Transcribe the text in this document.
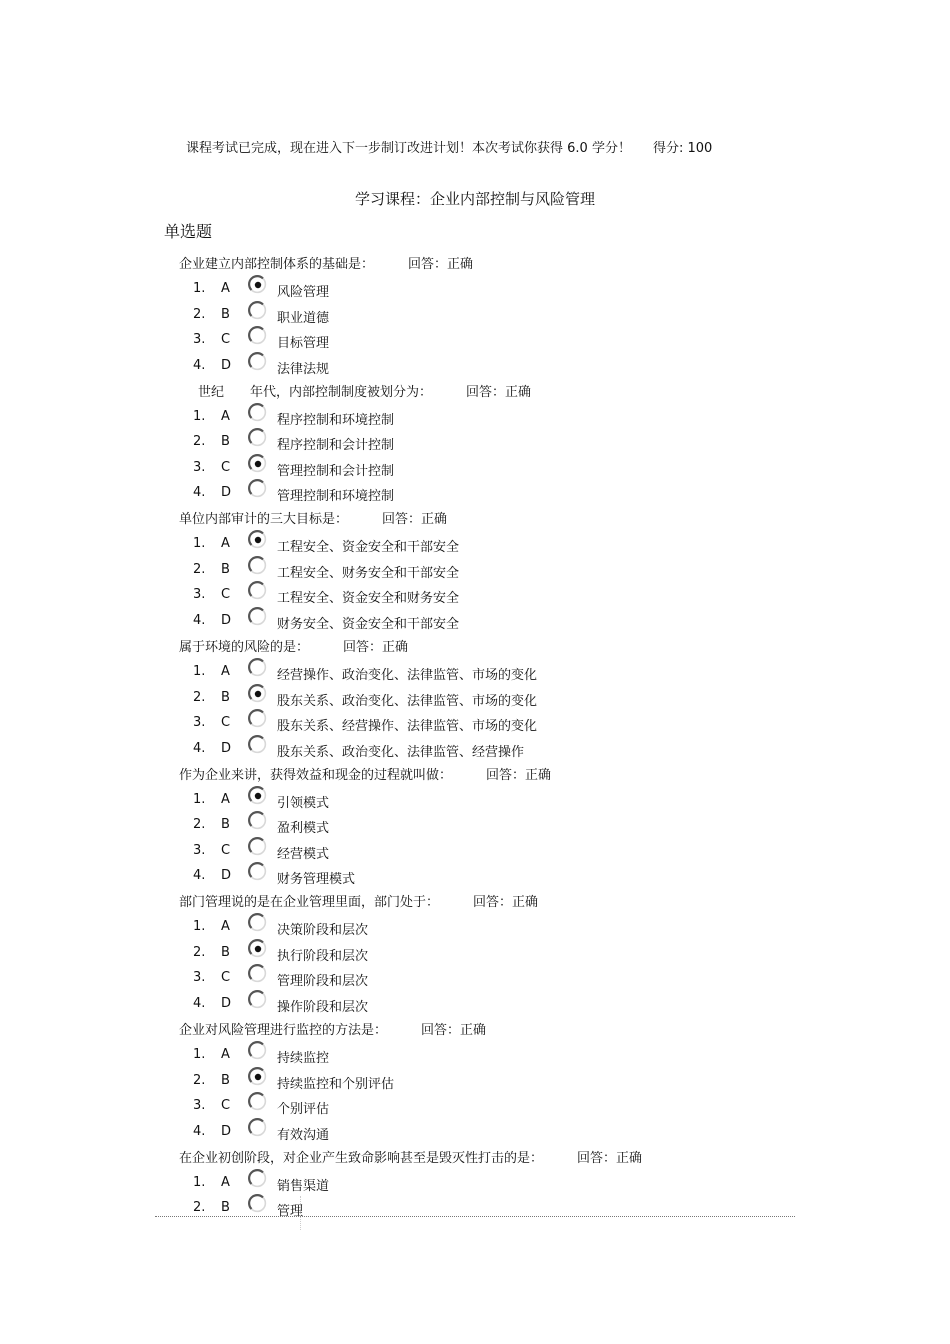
课程考试已完成，现在进入下一步制订改进计划！本次考试你获得 6.0 学分！ 得分: 100
学习课程：企业内部控制与风险管理
单选题
企业建立内部控制体系的基础是：	回答：正确
1.	A	风险管理
2.	B	职业道德
3.	C	目标管理
4.	D	法律法规
世纪　　年代，内部控制制度被划分为：	回答：正确
1.	A	程序控制和环境控制
2.	B	程序控制和会计控制
3.	C	管理控制和会计控制
4.	D	管理控制和环境控制
单位内部审计的三大目标是：	回答：正确
1.	A	工程安全、资金安全和干部安全
2.	B	工程安全、财务安全和干部安全
3.	C	工程安全、资金安全和财务安全
4.	D	财务安全、资金安全和干部安全
属于环境的风险的是：	回答：正确
1.	A	经营操作、政治变化、法律监管、市场的变化
2.	B	股东关系、政治变化、法律监管、市场的变化
3.	C	股东关系、经营操作、法律监管、市场的变化
4.	D	股东关系、政治变化、法律监管、经营操作
作为企业来讲，获得效益和现金的过程就叫做：	回答：正确
1.	A	引领模式
2.	B	盈利模式
3.	C	经营模式
4.	D	财务管理模式
部门管理说的是在企业管理里面，部门处于：	回答：正确
1.	A	决策阶段和层次
2.	B	执行阶段和层次
3.	C	管理阶段和层次
4.	D	操作阶段和层次
企业对风险管理进行监控的方法是：	回答：正确
1.	A	持续监控
2.	B	持续监控和个别评估
3.	C	个别评估
4.	D	有效沟通
在企业初创阶段，对企业产生致命影响甚至是毁灭性打击的是：	回答：正确
1.	A	销售渠道
2.	B	管理
